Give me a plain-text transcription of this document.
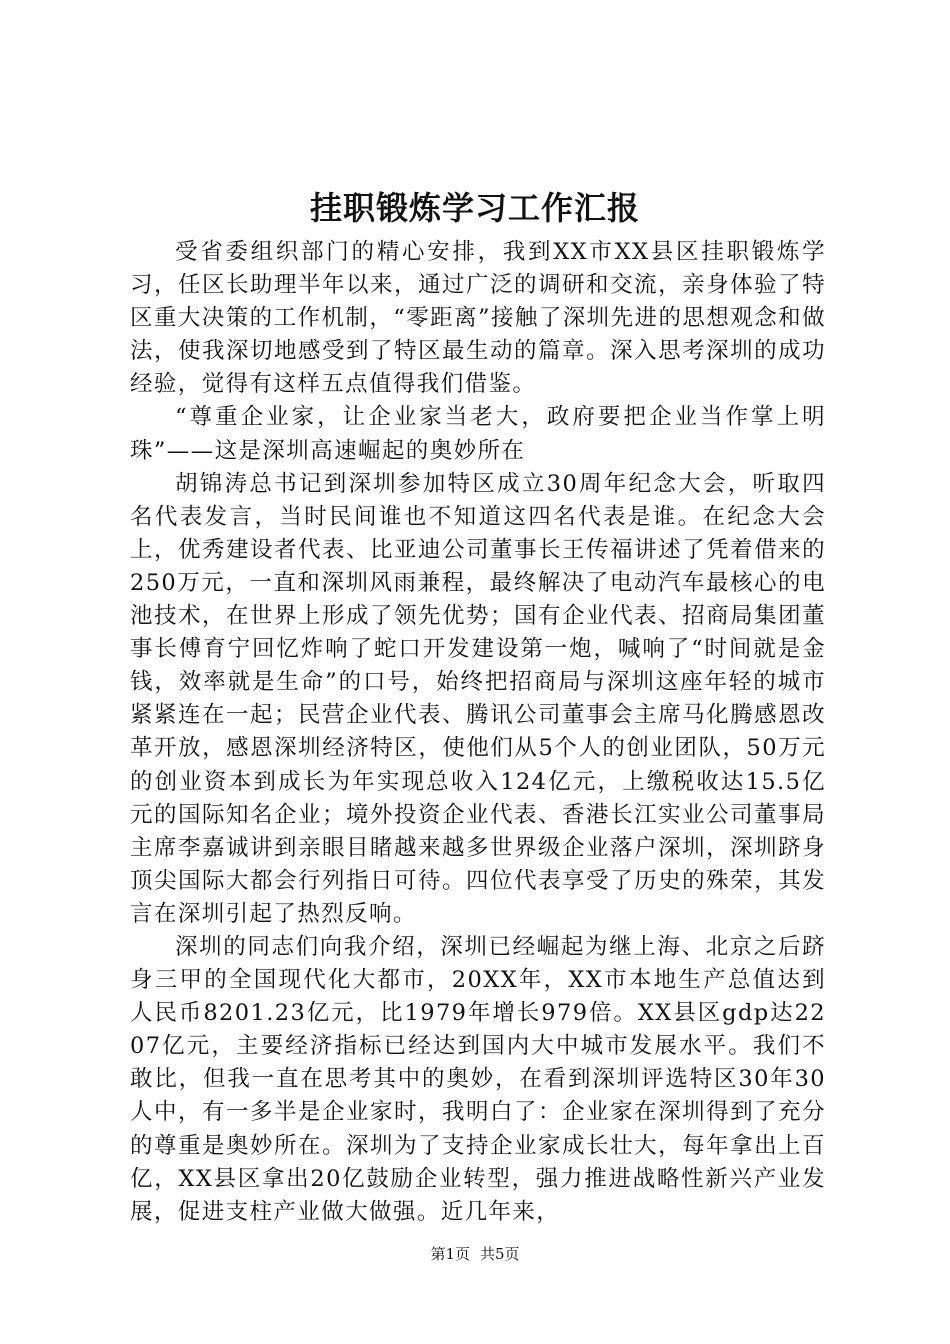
挂职锻炼学习工作汇报

受省委组织部门的精心安排，我到XX市XX县区挂职锻炼学习，任区长助理半年以来，通过广泛的调研和交流，亲身体验了特区重大决策的工作机制，“零距离”接触了深圳先进的思想观念和做法，使我深切地感受到了特区最生动的篇章。深入思考深圳的成功经验，觉得有这样五点值得我们借鉴。

“尊重企业家，让企业家当老大，政府要把企业当作掌上明珠”——这是深圳高速崛起的奥妙所在

胡锦涛总书记到深圳参加特区成立30周年纪念大会，听取四名代表发言，当时民间谁也不知道这四名代表是谁。在纪念大会上，优秀建设者代表、比亚迪公司董事长王传福讲述了凭着借来的250万元，一直和深圳风雨兼程，最终解决了电动汽车最核心的电池技术，在世界上形成了领先优势；国有企业代表、招商局集团董事长傅育宁回忆炸响了蛇口开发建设第一炮，喊响了“时间就是金钱，效率就是生命”的口号，始终把招商局与深圳这座年轻的城市紧紧连在一起；民营企业代表、腾讯公司董事会主席马化腾感恩改革开放，感恩深圳经济特区，使他们从5个人的创业团队，50万元的创业资本到成长为年实现总收入124亿元，上缴税收达15.5亿元的国际知名企业；境外投资企业代表、香港长江实业公司董事局主席李嘉诚讲到亲眼目睹越来越多世界级企业落户深圳，深圳跻身顶尖国际大都会行列指日可待。四位代表享受了历史的殊荣，其发言在深圳引起了热烈反响。

深圳的同志们向我介绍，深圳已经崛起为继上海、北京之后跻身三甲的全国现代化大都市，20XX年，XX市本地生产总值达到人民币8201.23亿元，比1979年增长979倍。XX县区gdp达2207亿元，主要经济指标已经达到国内大中城市发展水平。我们不敢比，但我一直在思考其中的奥妙，在看到深圳评选特区30年30人中，有一多半是企业家时，我明白了：企业家在深圳得到了充分的尊重是奥妙所在。深圳为了支持企业家成长壮大，每年拿出上百亿，XX县区拿出20亿鼓励企业转型，强力推进战略性新兴产业发展，促进支柱产业做大做强。近几年来，

第1页 共5页
